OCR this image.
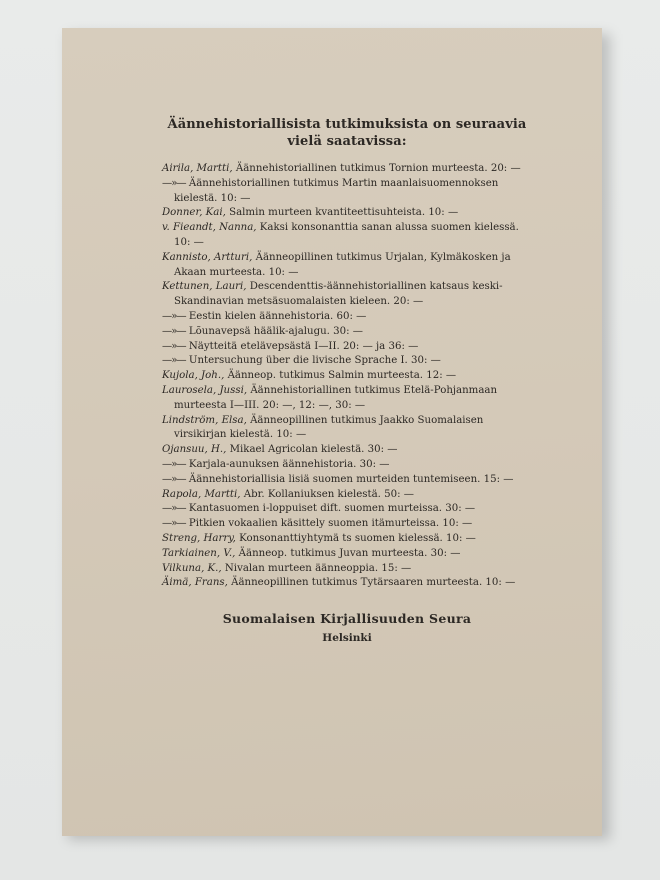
Äännehistoriallisista tutkimuksista on seuraavia
vielä saatavissa:

Airila, Martti, Äännehistoriallinen tutkimus Tornion murteesta. 20: —

—»— Äännehistoriallinen tutkimus Martin maanlaisuomennoksen kielestä. 10: —

Donner, Kai, Salmin murteen kvantiteettisuhteista. 10: —

v. Fieandt, Nanna, Kaksi konsonanttia sanan alussa suomen kielessä. 10: —

Kannisto, Artturi, Äänneopillinen tutkimus Urjalan, Kylmäkosken ja Akaan murteesta. 10: —

Kettunen, Lauri, Descendenttis-äännehistoriallinen katsaus keski-Skandinavian metsäsuomalaisten kieleen. 20: —

—»— Eestin kielen äännehistoria. 60: —

—»— Lõunavepsä häälik-ajalugu. 30: —

—»— Näytteitä etelävepsästä I—II. 20: — ja 36: —

—»— Untersuchung über die livische Sprache I. 30: —

Kujola, Joh., Äänneop. tutkimus Salmin murteesta. 12: —

Laurosela, Jussi, Äännehistoriallinen tutkimus Etelä-Pohjanmaan murteesta I—III. 20: —, 12: —, 30: —

Lindström, Elsa, Äänneopillinen tutkimus Jaakko Suomalaisen virsikirjan kielestä. 10: —

Ojansuu, H., Mikael Agricolan kielestä. 30: —

—»— Karjala-aunuksen äännehistoria. 30: —

—»— Äännehistoriallisia lisiä suomen murteiden tuntemiseen. 15: —

Rapola, Martti, Abr. Kollaniuksen kielestä. 50: —

—»— Kantasuomen i-loppuiset dift. suomen murteissa. 30: —

—»— Pitkien vokaalien käsittely suomen itämurteissa. 10: —

Streng, Harry, Konsonanttiyhtymä ts suomen kielessä. 10: —

Tarkiainen, V., Äänneop. tutkimus Juvan murteesta. 30: —

Vilkuna, K., Nivalan murteen äänneoppia. 15: —

Äimä, Frans, Äänneopillinen tutkimus Tytärsaaren murteesta. 10: —

Suomalaisen Kirjallisuuden Seura
Helsinki
